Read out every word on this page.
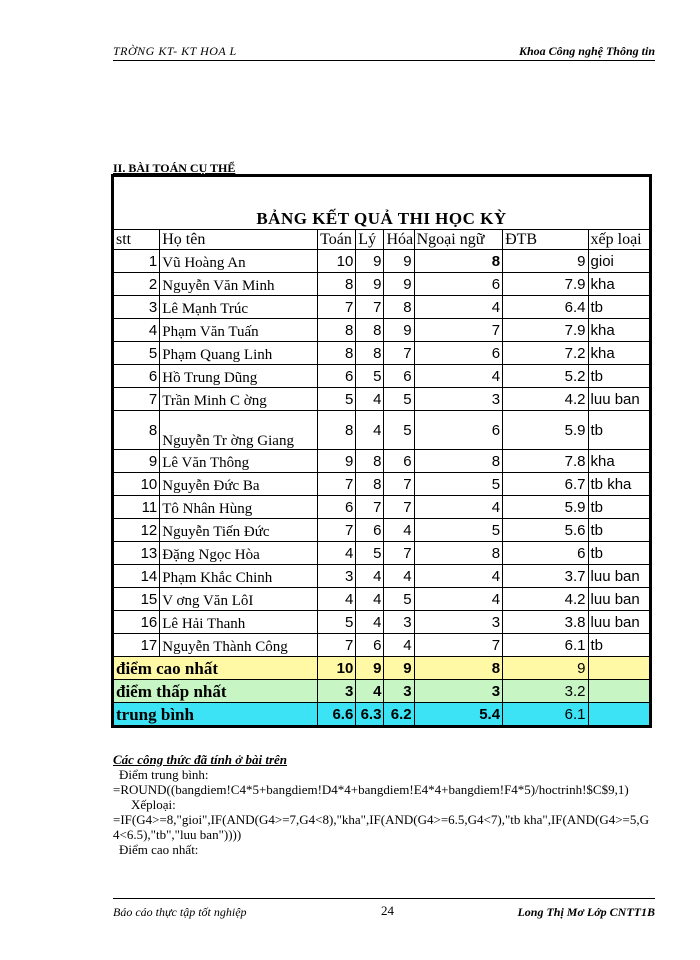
TRỜNG KT- KT HOA L	Khoa Công nghệ Thông tin
II. BÀI TOÁN CỤ THỂ
BẢNG KẾT QUẢ THI HỌC KỲ							
stt	Họ tên	Toán	Lý	Hóa	Ngoại ngữ	ĐTB	xếp loại
1	Vũ Hoàng An	10	9	9	8	9	gioi
2	Nguyễn Văn Minh	8	9	9	6	7.9	kha
3	Lê Mạnh Trúc	7	7	8	4	6.4	tb
4	Phạm Văn Tuấn	8	8	9	7	7.9	kha
5	Phạm Quang Linh	8	8	7	6	7.2	kha
6	Hồ Trung Dũng	6	5	6	4	5.2	tb
7	Trần Minh C ờng	5	4	5	3	4.2	luu ban
8	Nguyễn Tr ờng Giang	8	4	5	6	5.9	tb
9	Lê Văn Thông	9	8	6	8	7.8	kha
10	Nguyễn Đức Ba	7	8	7	5	6.7	tb kha
11	Tô Nhân Hùng	6	7	7	4	5.9	tb
12	Nguyễn Tiến Đức	7	6	4	5	5.6	tb
13	Đặng Ngọc Hòa	4	5	7	8	6	tb
14	Phạm Khắc Chinh	3	4	4	4	3.7	luu ban
15	V ơng Văn LôI	4	4	5	4	4.2	luu ban
16	Lê Hải Thanh	5	4	3	3	3.8	luu ban
17	Nguyễn Thành Công	7	6	4	7	6.1	tb
điểm cao nhất		10	9	9	8	9	
điểm thấp nhất		3	4	3	3	3.2	
trung bình		6.6	6.3	6.2	5.4	6.1	
Các công thức đã tính ở bài trên
Điểm trung bình:
=ROUND((bangdiem!C4*5+bangdiem!D4*4+bangdiem!E4*4+bangdiem!F4*5)/hoctrinh!$C$9,1)
Xếploại:
=IF(G4>=8,"gioi",IF(AND(G4>=7,G4<8),"kha",IF(AND(G4>=6.5,G4<7),"tb kha",IF(AND(G4>=5,G4<6.5),"tb","luu ban"))))
Điểm cao nhất:
Báo cáo thực tập tốt nghiệp	24	Long Thị Mơ Lớp CNTT1B
